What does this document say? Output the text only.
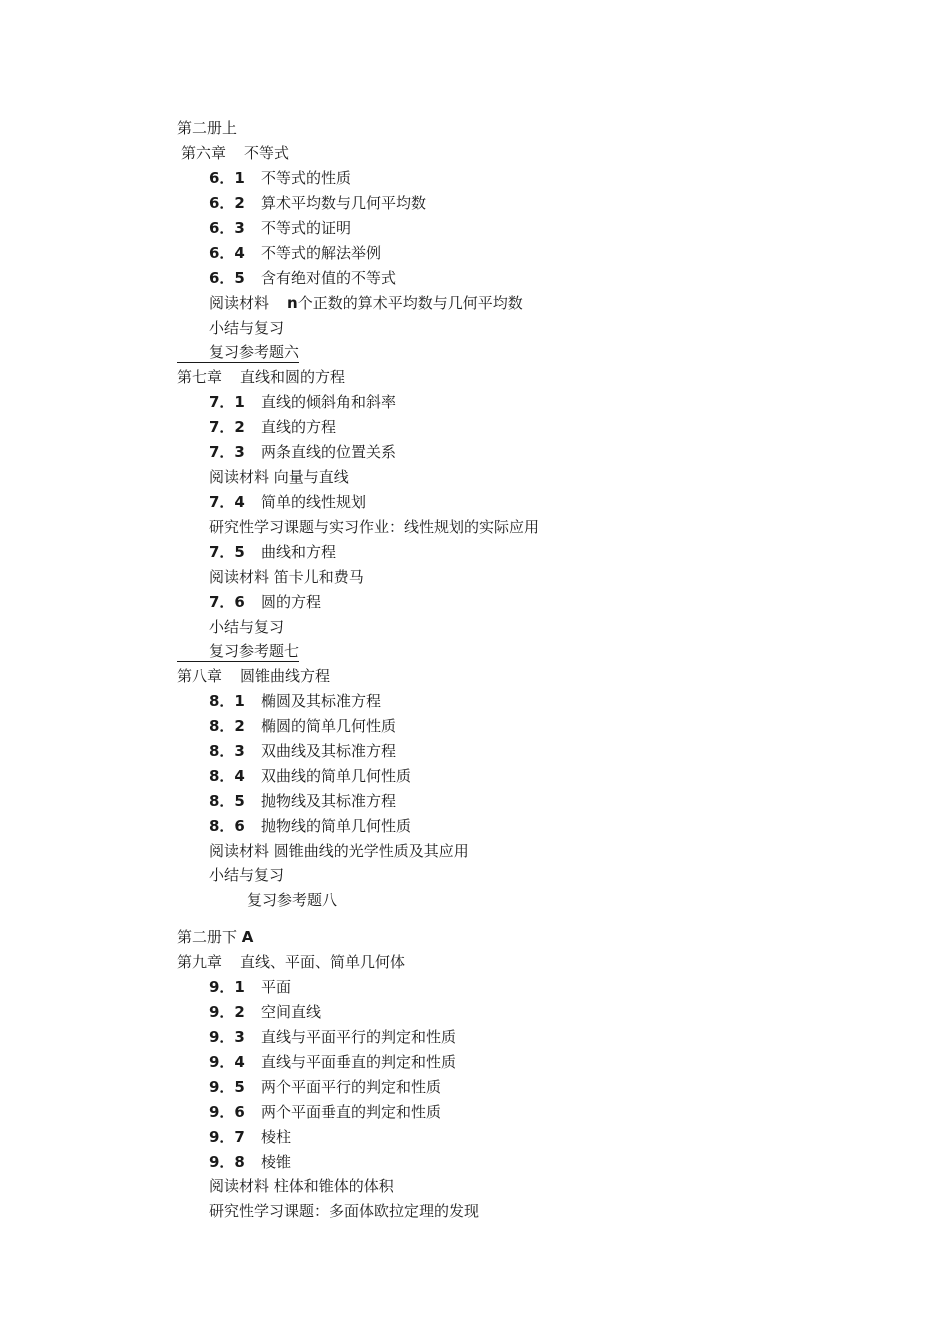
第二册上
第六章 不等式
6．1 不等式的性质
6．2 算术平均数与几何平均数
6．3 不等式的证明
6．4 不等式的解法举例
6．5 含有绝对值的不等式
阅读材料 n个正数的算术平均数与几何平均数
小结与复习
复习参考题六
第七章 直线和圆的方程
7．1 直线的倾斜角和斜率
7．2 直线的方程
7．3 两条直线的位置关系
阅读材料 向量与直线
7．4 简单的线性规划
研究性学习课题与实习作业：线性规划的实际应用
7．5 曲线和方程
阅读材料 笛卡儿和费马
7．6 圆的方程
小结与复习
复习参考题七
第八章 圆锥曲线方程
8．1 椭圆及其标准方程
8．2 椭圆的简单几何性质
8．3 双曲线及其标准方程
8．4 双曲线的简单几何性质
8．5 抛物线及其标准方程
8．6 抛物线的简单几何性质
阅读材料 圆锥曲线的光学性质及其应用
小结与复习
复习参考题八
第二册下 A
第九章 直线、平面、简单几何体
9．1 平面
9．2 空间直线
9．3 直线与平面平行的判定和性质
9．4 直线与平面垂直的判定和性质
9．5 两个平面平行的判定和性质
9．6 两个平面垂直的判定和性质
9．7 棱柱
9．8 棱锥
阅读材料 柱体和锥体的体积
研究性学习课题：多面体欧拉定理的发现
